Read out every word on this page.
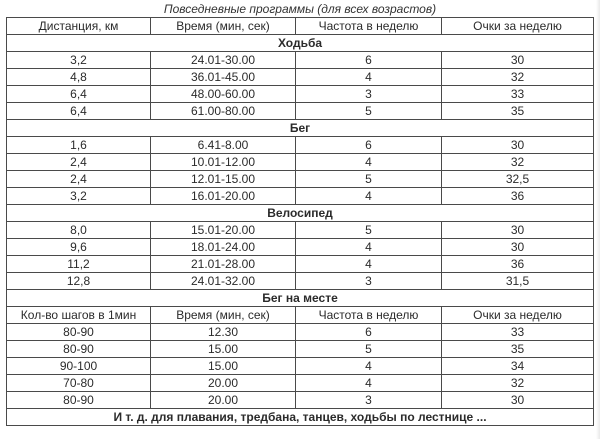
Повседневные программы (для всех возрастов)
Дистанция, км	Время (мин, сек)	Частота в неделю	Очки за неделю
Ходьба			
3,2	24.01-30.00	6	30
4,8	36.01-45.00	4	32
6,4	48.00-60.00	3	33
6,4	61.00-80.00	5	35
Бег			
1,6	6.41-8.00	6	30
2,4	10.01-12.00	4	32
2,4	12.01-15.00	5	32,5
3,2	16.01-20.00	4	36
Велосипед			
8,0	15.01-20.00	5	30
9,6	18.01-24.00	4	30
11,2	21.01-28.00	4	36
12,8	24.01-32.00	3	31,5
Бег на месте			
Кол-во шагов в 1мин	Время (мин, сек)	Частота в неделю	Очки за неделю
80-90	12.30	6	33
80-90	15.00	5	35
90-100	15.00	4	34
70-80	20.00	4	32
80-90	20.00	3	30
И т. д. для плавания, тредбана, танцев, ходьбы по лестнице ...			
